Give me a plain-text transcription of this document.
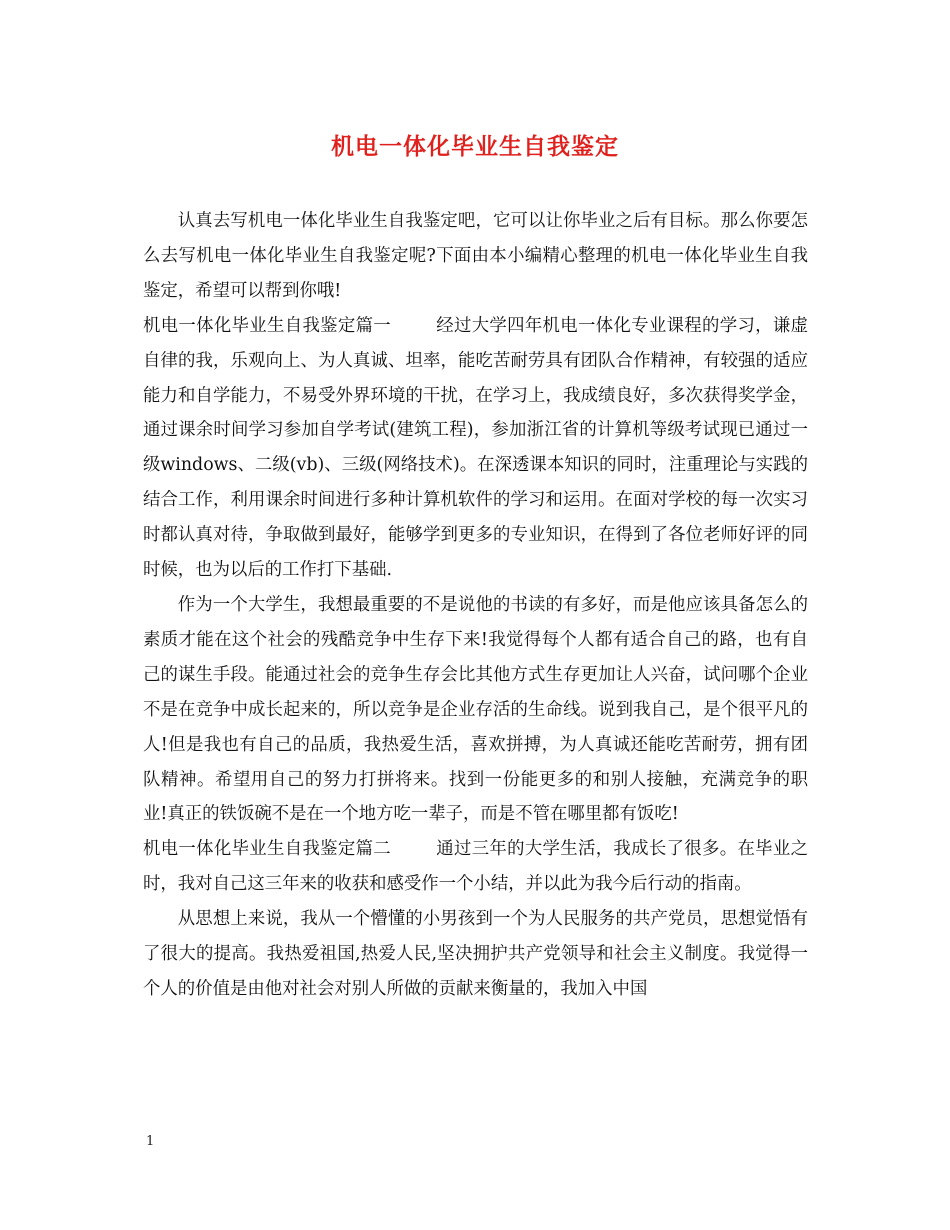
机电一体化毕业生自我鉴定

认真去写机电一体化毕业生自我鉴定吧，它可以让你毕业之后有目标。那么你要怎么去写机电一体化毕业生自我鉴定呢?下面由本小编精心整理的机电一体化毕业生自我鉴定，希望可以帮到你哦!

机电一体化毕业生自我鉴定篇一	经过大学四年机电一体化专业课程的学习，谦虚自律的我，乐观向上、为人真诚、坦率，能吃苦耐劳具有团队合作精神，有较强的适应能力和自学能力，不易受外界环境的干扰，在学习上，我成绩良好，多次获得奖学金，通过课余时间学习参加自学考试(建筑工程)，参加浙江省的计算机等级考试现已通过一级windows、二级(vb)、三级(网络技术)。在深透课本知识的同时，注重理论与实践的结合工作，利用课余时间进行多种计算机软件的学习和运用。在面对学校的每一次实习时都认真对待，争取做到最好，能够学到更多的专业知识，在得到了各位老师好评的同时候，也为以后的工作打下基础.

作为一个大学生，我想最重要的不是说他的书读的有多好，而是他应该具备怎么的素质才能在这个社会的残酷竞争中生存下来!我觉得每个人都有适合自己的路，也有自己的谋生手段。能通过社会的竞争生存会比其他方式生存更加让人兴奋，试问哪个企业不是在竞争中成长起来的，所以竞争是企业存活的生命线。说到我自己，是个很平凡的人!但是我也有自己的品质，我热爱生活，喜欢拼搏，为人真诚还能吃苦耐劳，拥有团队精神。希望用自己的努力打拼将来。找到一份能更多的和别人接触，充满竞争的职业!真正的铁饭碗不是在一个地方吃一辈子，而是不管在哪里都有饭吃!

机电一体化毕业生自我鉴定篇二	通过三年的大学生活，我成长了很多。在毕业之时，我对自己这三年来的收获和感受作一个小结，并以此为我今后行动的指南。

从思想上来说，我从一个懵懂的小男孩到一个为人民服务的共产党员，思想觉悟有了很大的提高。我热爱祖国,热爱人民,坚决拥护共产党领导和社会主义制度。我觉得一个人的价值是由他对社会对别人所做的贡献来衡量的，我加入中国

1
